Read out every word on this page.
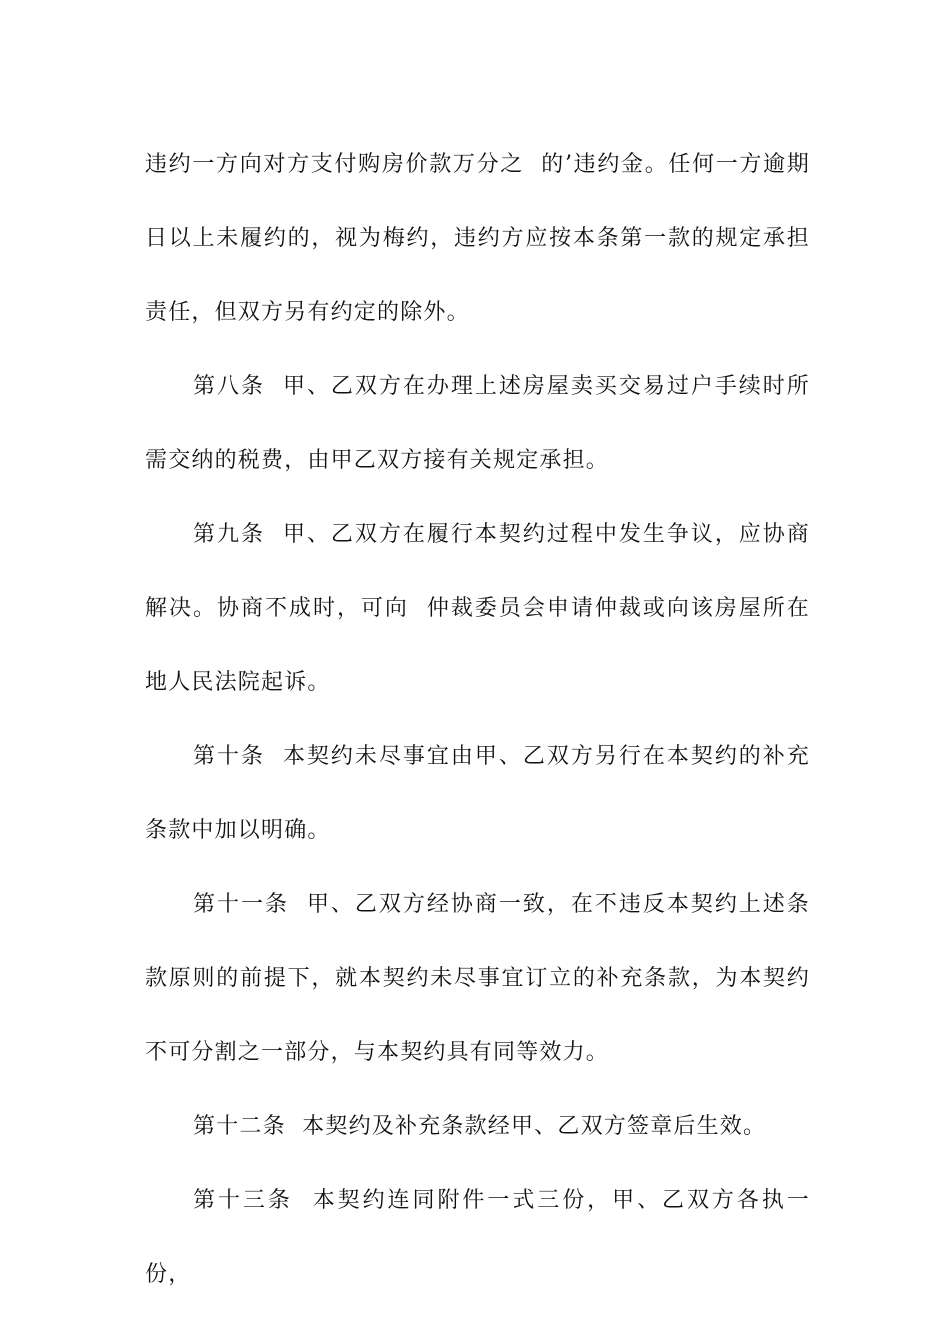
违约一方向对方支付购房价款万分之  的’违约金。任何一方逾期  日以上未履约的，视为梅约，违约方应按本条第一款的规定承担责任，但双方另有约定的除外。

第八条  甲、乙双方在办理上述房屋卖买交易过户手续时所需交纳的税费，由甲乙双方接有关规定承担。

第九条  甲、乙双方在履行本契约过程中发生争议，应协商解决。协商不成时，可向  仲裁委员会申请仲裁或向该房屋所在地人民法院起诉。

第十条  本契约未尽事宜由甲、乙双方另行在本契约的补充条款中加以明确。

第十一条  甲、乙双方经协商一致，在不违反本契约上述条款原则的前提下，就本契约未尽事宜订立的补充条款，为本契约不可分割之一部分，与本契约具有同等效力。

第十二条  本契约及补充条款经甲、乙双方签章后生效。

第十三条  本契约连同附件一式三份，甲、乙双方各执一份，
